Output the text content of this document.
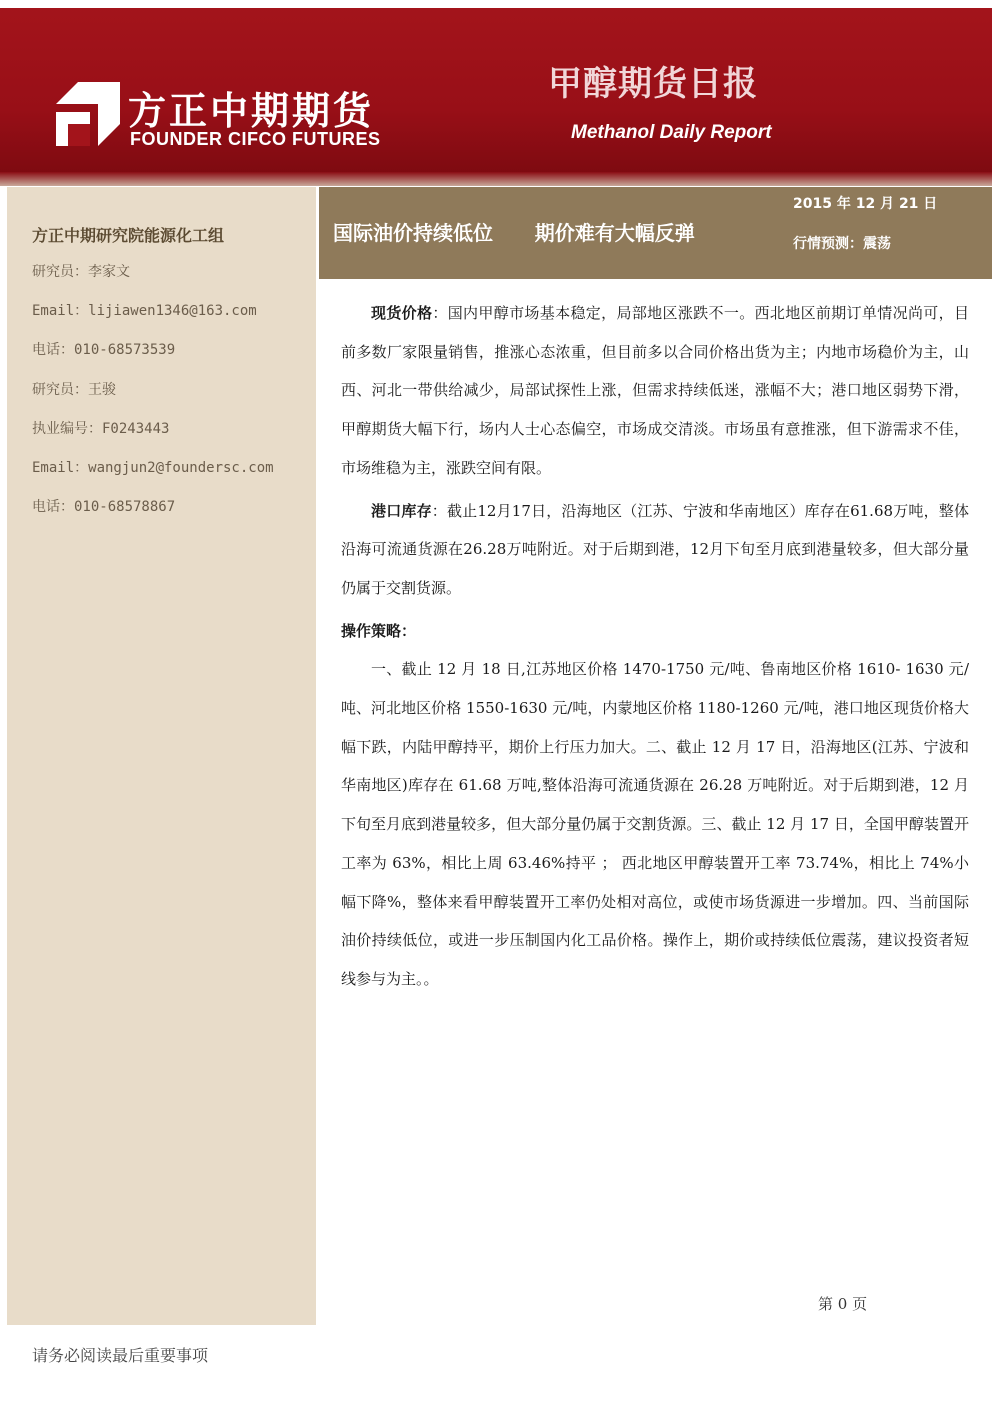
方正中期期货
FOUNDER CIFCO FUTURES
甲醇期货日报
Methanol Daily Report
方正中期研究院能源化工组
研究员：李家文
Email：lijiawen1346@163.com
电话：010-68573539
研究员：王骏
执业编号：F0243443
Email：wangjun2@foundersc.com
电话：010-68578867
国际油价持续低位      期价难有大幅反弹
2015 年 12 月 21 日
行情预测：震荡

现货价格：国内甲醇市场基本稳定，局部地区涨跌不一。西北地区前期订单情况尚可，目前多数厂家限量销售，推涨心态浓重，但目前多以合同价格出货为主；内地市场稳价为主，山西、河北一带供给减少，局部试探性上涨，但需求持续低迷，涨幅不大；港口地区弱势下滑，甲醇期货大幅下行，场内人士心态偏空，市场成交清淡。市场虽有意推涨，但下游需求不佳，市场维稳为主，涨跌空间有限。

港口库存：截止12月17日，沿海地区（江苏、宁波和华南地区）库存在61.68万吨，整体沿海可流通货源在26.28万吨附近。对于后期到港，12月下旬至月底到港量较多，但大部分量仍属于交割货源。

操作策略：

一、截止 12 月 18 日,江苏地区价格 1470-1750 元/吨、鲁南地区价格 1610- 1630 元/吨、河北地区价格 1550-1630 元/吨，内蒙地区价格 1180-1260 元/吨，港口地区现货价格大幅下跌，内陆甲醇持平，期价上行压力加大。二、截止 12 月 17 日，沿海地区(江苏、宁波和华南地区)库存在 61.68 万吨,整体沿海可流通货源在 26.28 万吨附近。对于后期到港，12 月下旬至月底到港量较多，但大部分量仍属于交割货源。三、截止 12 月 17 日，全国甲醇装置开工率为 63%，相比上周 63.46%持平 ； 西北地区甲醇装置开工率 73.74%，相比上 74%小幅下降%，整体来看甲醇装置开工率仍处相对高位，或使市场货源进一步增加。四、当前国际油价持续低位，或进一步压制国内化工品价格。操作上，期价或持续低位震荡，建议投资者短线参与为主。。

第 0 页
请务必阅读最后重要事项
